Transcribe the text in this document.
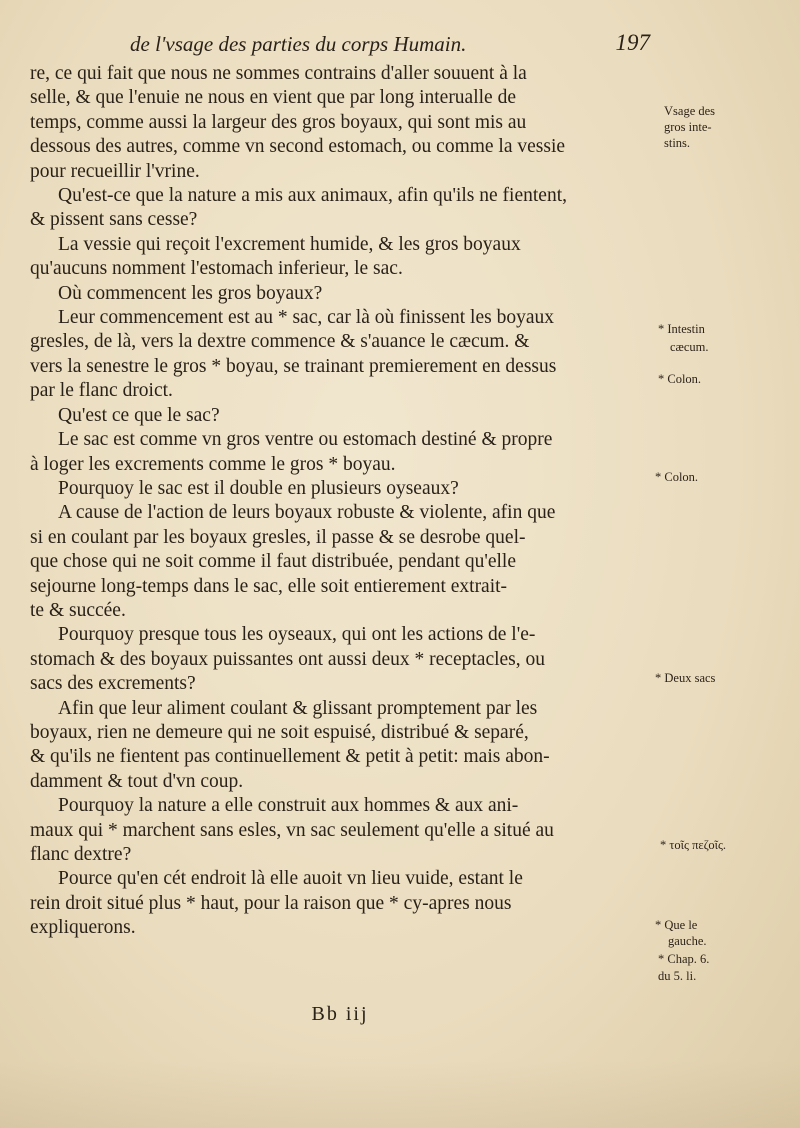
de l'vsage des parties du corps Humain.	197
re, ce qui fait que nous ne sommes contrains d'aller souuent à la
selle, & que l'enuie ne nous en vient que par long interualle de
temps, comme aussi la largeur des gros boyaux, qui sont mis au
dessous des autres, comme vn second estomach, ou comme la vessie
pour recueillir l'vrine.
Qu'est-ce que la nature a mis aux animaux, afin qu'ils ne fientent,
& pissent sans cesse?
La vessie qui reçoit l'excrement humide, & les gros boyaux
qu'aucuns nomment l'estomach inferieur, le sac.
Où commencent les gros boyaux?
Leur commencement est au * sac, car là où finissent les boyaux
gresles, de là, vers la dextre commence & s'auance le cæcum. &
vers la senestre le gros * boyau, se trainant premierement en dessus
par le flanc droict.
Qu'est ce que le sac?
Le sac est comme vn gros ventre ou estomach destiné & propre
à loger les excrements comme le gros * boyau.
Pourquoy le sac est il double en plusieurs oyseaux?
A cause de l'action de leurs boyaux robuste & violente, afin que
si en coulant par les boyaux gresles, il passe & se desrobe quel-
que chose qui ne soit comme il faut distribuée, pendant qu'elle
sejourne long-temps dans le sac, elle soit entierement extrait-
te & succée.
Pourquoy presque tous les oyseaux, qui ont les actions de l'e-
stomach & des boyaux puissantes ont aussi deux * receptacles, ou
sacs des excrements?
Afin que leur aliment coulant & glissant promptement par les
boyaux, rien ne demeure qui ne soit espuisé, distribué & separé,
& qu'ils ne fientent pas continuellement & petit à petit: mais abon-
damment & tout d'vn coup.
Pourquoy la nature a elle construit aux hommes & aux ani-
maux qui * marchent sans esles, vn sac seulement qu'elle a situé au
flanc dextre?
Pource qu'en cét endroit là elle auoit vn lieu vuide, estant le
rein droit situé plus * haut, pour la raison que * cy-apres nous
expliquerons.
Vsage des
gros inte-
stins.
* Intestin
cæcum.
* Colon.
* Colon.
* Deux sacs
* τοῖς πεζοῖς.
* Que le
gauche.
* Chap. 6.
du 5. li.
Bb iij
